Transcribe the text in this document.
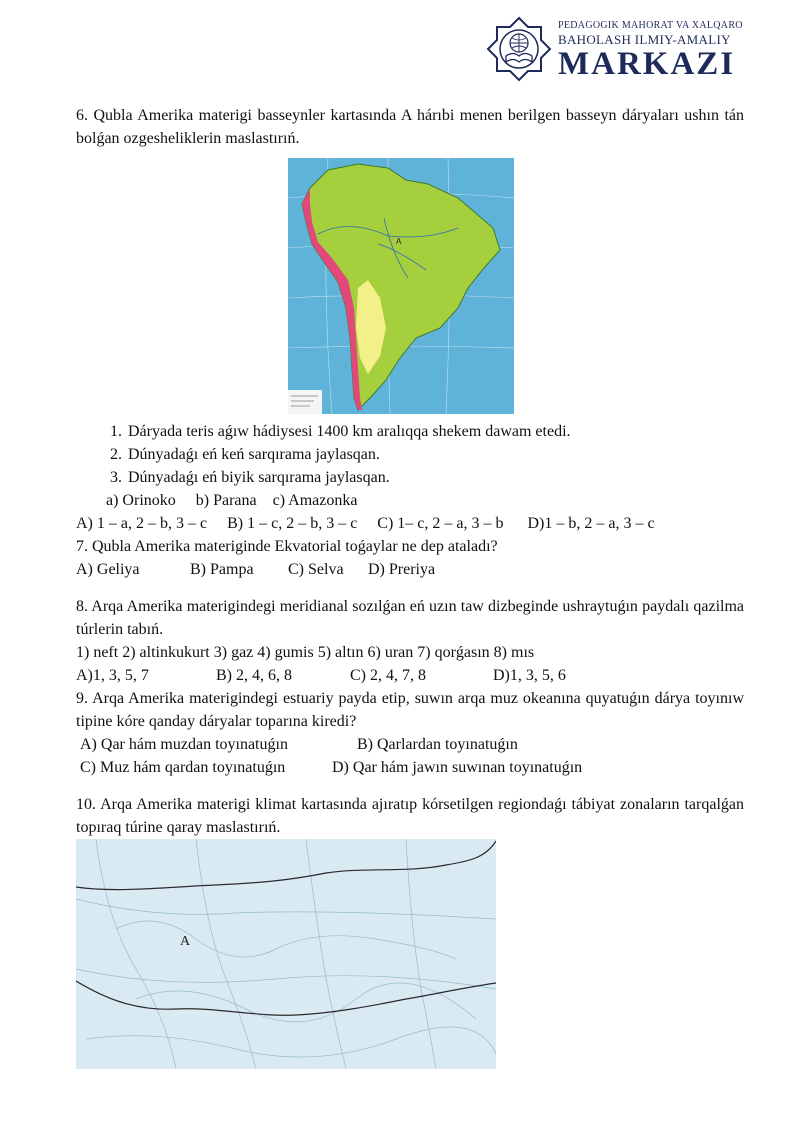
PEDAGOGIK MAHORAT VA XALQARO
BAHOLASH ILMIY-AMALIY
MARKAZI

6. Qubla Amerika materigi basseynler kartasında A hárıbi menen berilgen basseyn dáryaları ushın tán bolǵan ozgesheliklerin maslastırıń.

A
1. Dáryada teris aǵıw hádiysesi 1400 km aralıqqa shekem dawam etedi.
2. Dúnyadaǵı eń keń sarqırama jaylasqan.
3. Dúnyadaǵı eń biyik sarqırama jaylasqan.
a) Orinoko b) Parana c) Amazonka
A) 1 – a, 2 – b, 3 – c B) 1 – c, 2 – b, 3 – c C) 1– c, 2 – a, 3 – b D)1 – b, 2 – a, 3 – c

7. Qubla Amerika materiginde Ekvatorial toǵaylar ne dep ataladı?

A) Geliya	B) Pampa C) Selva D) Preriya

8. Arqa Amerika materigindegi meridianal sozılǵan eń uzın taw dizbeginde ushraytuǵın paydalı qazilma túrlerin tabıń.

1) neft 2) altinkukurt 3) gaz 4) gumis 5) altın 6) uran 7) qorǵasın 8) mıs

A)1, 3, 5, 7	B) 2, 4, 6, 8	C) 2, 4, 7, 8	D)1, 3, 5, 6

9. Arqa Amerika materigindegi estuariy payda etip, suwın arqa muz okeanına quyatuǵın dárya toyınıw tipine kóre qanday dáryalar toparına kiredi?

A) Qar hám muzdan toyınatuǵın	B) Qarlardan toyınatuǵın
C) Muz hám qardan toyınatuǵın	D) Qar hám jawın suwınan toyınatuǵın

10. Arqa Amerika materigi klimat kartasında ajıratıp kórsetilgen regiondaǵı tábiyat zonaların tarqalǵan topıraq túrine qaray maslastırıń.

A
